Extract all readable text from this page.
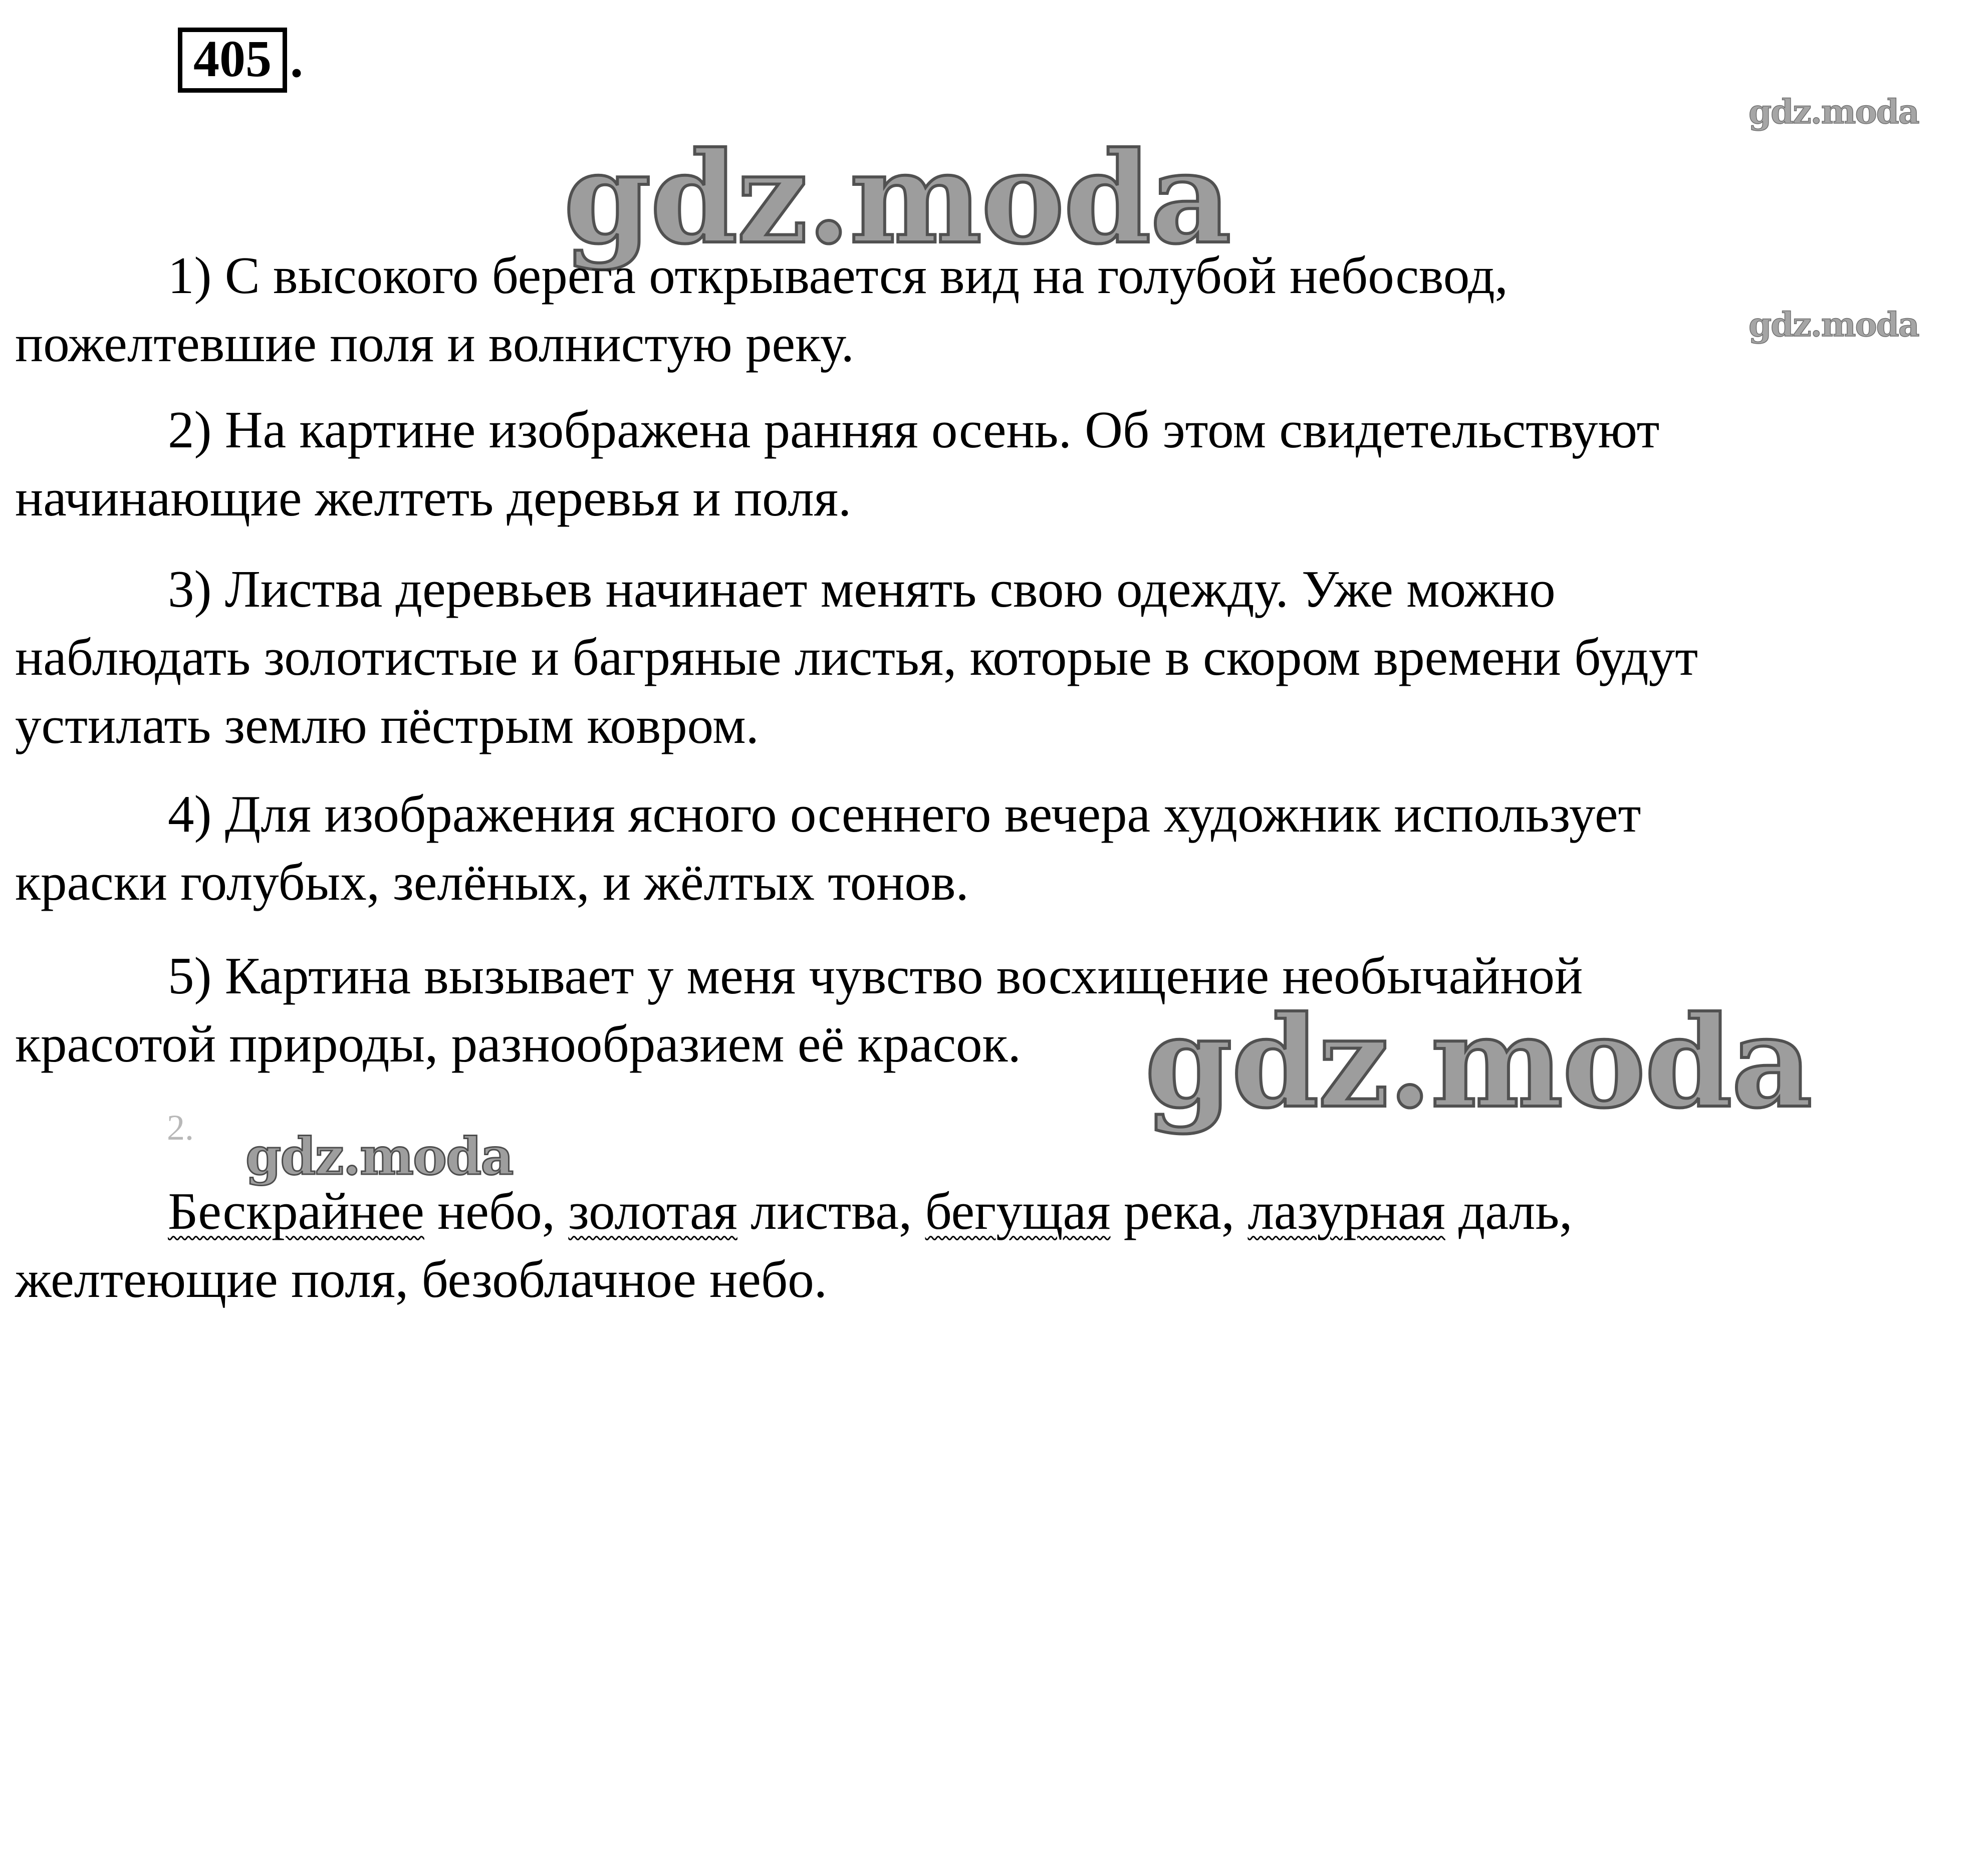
405 .

1) С высокого берега открывается вид на голубой небосвод,
пожелтевшие поля и волнистую реку.

2) На картине изображена ранняя осень. Об этом свидетельствуют
начинающие желтеть деревья и поля.

3) Листва деревьев начинает менять свою одежду. Уже можно
наблюдать золотистые и багряные листья, которые в скором времени будут
устилать землю пёстрым ковром.

4) Для изображения ясного осеннего вечера художник использует
краски голубых, зелёных, и жёлтых тонов.

5) Картина вызывает у меня чувство восхищение необычайной
красотой природы, разнообразием её красок.

2.

Бескрайнее небо, золотая листва, бегущая река, лазурная даль,
желтеющие поля, безоблачное небо.

gdz.moda
gdz.moda
gdz.moda
gdz.moda
gdz.moda
